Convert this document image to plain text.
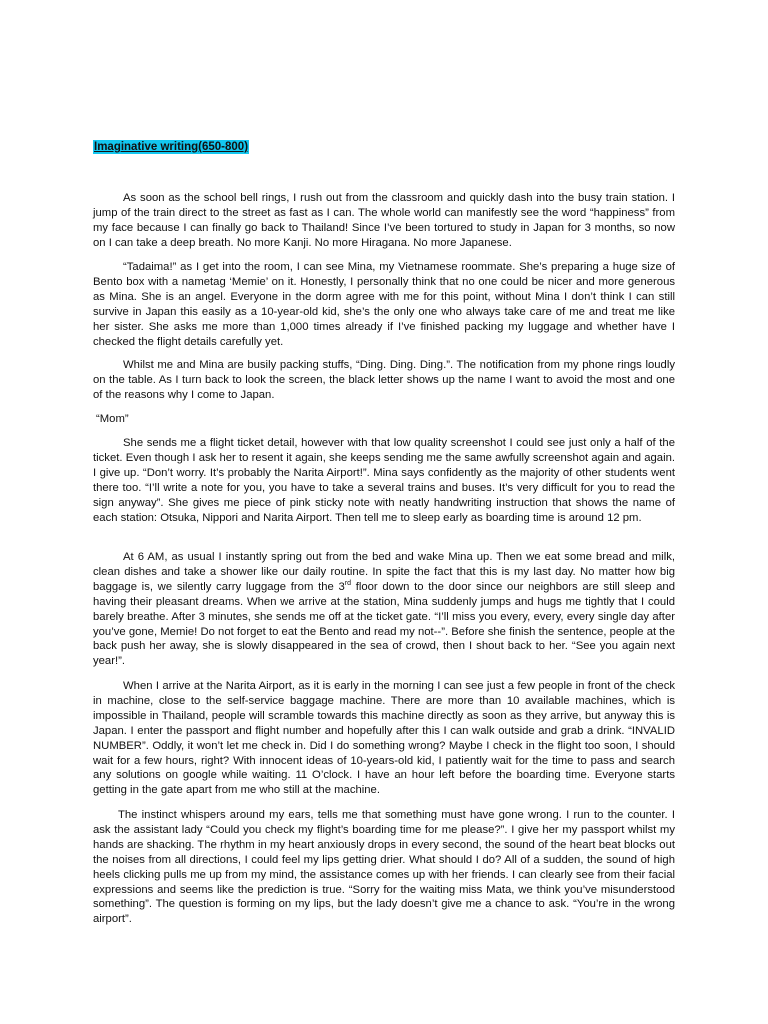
Imaginative writing(650-800)

As soon as the school bell rings, I rush out from the classroom and quickly dash into the busy train station. I jump of the train direct to the street as fast as I can. The whole world can manifestly see the word “happiness” from my face because I can finally go back to Thailand! Since I’ve been tortured to study in Japan for 3 months, so now on I can take a deep breath. No more Kanji. No more Hiragana. No more Japanese.

“Tadaima!” as I get into the room, I can see Mina, my Vietnamese roommate. She’s preparing a huge size of Bento box with a nametag ‘Memie’ on it. Honestly, I personally think that no one could be nicer and more generous as Mina. She is an angel. Everyone in the dorm agree with me for this point, without Mina I don’t think I can still survive in Japan this easily as a 10-year-old kid, she’s the only one who always take care of me and treat me like her sister. She asks me more than 1,000 times already if I’ve finished packing my luggage and whether have I checked the flight details carefully yet.

Whilst me and Mina are busily packing stuffs, “Ding. Ding. Ding.”. The notification from my phone rings loudly on the table. As I turn back to look the screen, the black letter shows up the name I want to avoid the most and one of the reasons why I come to Japan.

“Mom”

She sends me a flight ticket detail, however with that low quality screenshot I could see just only a half of the ticket. Even though I ask her to resent it again, she keeps sending me the same awfully screenshot again and again. I give up. “Don’t worry. It’s probably the Narita Airport!”. Mina says confidently as the majority of other students went there too. “I’ll write a note for you, you have to take a several trains and buses. It’s very difficult for you to read the sign anyway”. She gives me piece of pink sticky note with neatly handwriting instruction that shows the name of each station: Otsuka, Nippori and Narita Airport. Then tell me to sleep early as boarding time is around 12 pm.

At 6 AM, as usual I instantly spring out from the bed and wake Mina up. Then we eat some bread and milk, clean dishes and take a shower like our daily routine. In spite the fact that this is my last day. No matter how big baggage is, we silently carry luggage from the 3rd floor down to the door since our neighbors are still sleep and having their pleasant dreams. When we arrive at the station, Mina suddenly jumps and hugs me tightly that I could barely breathe. After 3 minutes, she sends me off at the ticket gate. “I’ll miss you every, every, every single day after you’ve gone, Memie! Do not forget to eat the Bento and read my not--”. Before she finish the sentence, people at the back push her away, she is slowly disappeared in the sea of crowd, then I shout back to her. “See you again next year!”.

When I arrive at the Narita Airport, as it is early in the morning I can see just a few people in front of the check in machine, close to the self-service baggage machine. There are more than 10 available machines, which is impossible in Thailand, people will scramble towards this machine directly as soon as they arrive, but anyway this is Japan. I enter the passport and flight number and hopefully after this I can walk outside and grab a drink. “INVALID NUMBER”. Oddly, it won’t let me check in. Did I do something wrong? Maybe I check in the flight too soon, I should wait for a few hours, right? With innocent ideas of 10-years-old kid, I patiently wait for the time to pass and search any solutions on google while waiting. 11 O’clock. I have an hour left before the boarding time. Everyone starts getting in the gate apart from me who still at the machine.

The instinct whispers around my ears, tells me that something must have gone wrong. I run to the counter. I ask the assistant lady “Could you check my flight’s boarding time for me please?”. I give her my passport whilst my hands are shacking. The rhythm in my heart anxiously drops in every second, the sound of the heart beat blocks out the noises from all directions, I could feel my lips getting drier. What should I do? All of a sudden, the sound of high heels clicking pulls me up from my mind, the assistance comes up with her friends. I can clearly see from their facial expressions and seems like the prediction is true. “Sorry for the waiting miss Mata, we think you’ve misunderstood something”. The question is forming on my lips, but the lady doesn’t give me a chance to ask. “You’re in the wrong airport”.
